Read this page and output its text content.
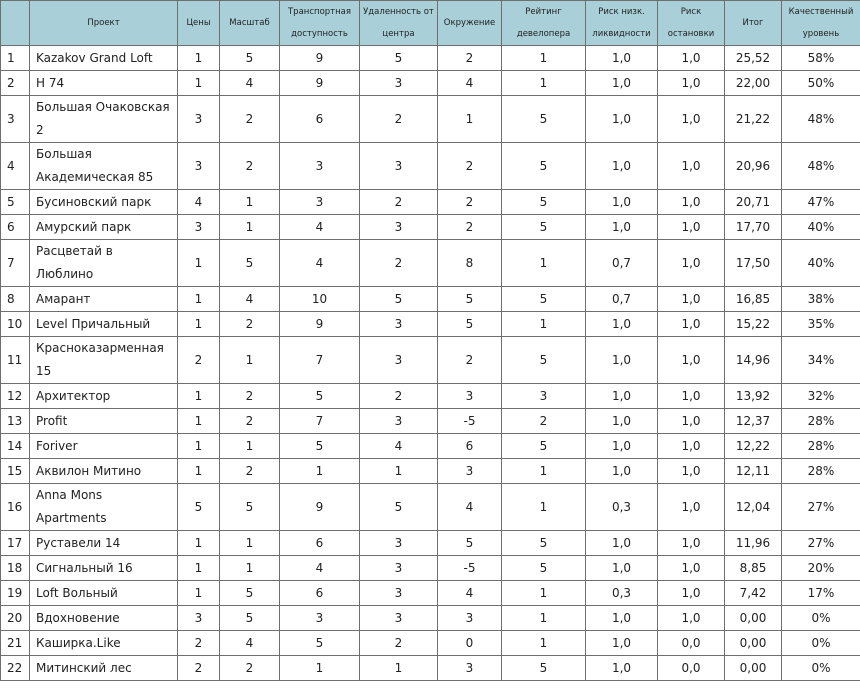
	Проект	Цены	Масштаб	Транспортная доступность	Удаленность от центра	Окружение	Рейтинг девелопера	Риск низк. ликвидности	Риск остановки	Итог	Качественный уровень
1	Kazakov Grand Loft	1	5	9	5	2	1	1,0	1,0	25,52	58%
2	Н 74	1	4	9	3	4	1	1,0	1,0	22,00	50%
3	Большая Очаковская 2	3	2	6	2	1	5	1,0	1,0	21,22	48%
4	Большая Академическая 85	3	2	3	3	2	5	1,0	1,0	20,96	48%
5	Бусиновский парк	4	1	3	2	2	5	1,0	1,0	20,71	47%
6	Амурский парк	3	1	4	3	2	5	1,0	1,0	17,70	40%
7	Расцветай в Люблино	1	5	4	2	8	1	0,7	1,0	17,50	40%
8	Амарант	1	4	10	5	5	5	0,7	1,0	16,85	38%
10	Level Причальный	1	2	9	3	5	1	1,0	1,0	15,22	35%
11	Краснօказарменная 15	2	1	7	3	2	5	1,0	1,0	14,96	34%
12	Архитектор	1	2	5	2	3	3	1,0	1,0	13,92	32%
13	Profit	1	2	7	3	-5	2	1,0	1,0	12,37	28%
14	Foriver	1	1	5	4	6	5	1,0	1,0	12,22	28%
15	Аквилон Митино	1	2	1	1	3	1	1,0	1,0	12,11	28%
16	Anna Mons Apartments	5	5	9	5	4	1	0,3	1,0	12,04	27%
17	Руставели 14	1	1	6	3	5	5	1,0	1,0	11,96	27%
18	Сигнальный 16	1	1	4	3	-5	5	1,0	1,0	8,85	20%
19	Loft Вольный	1	5	6	3	4	1	0,3	1,0	7,42	17%
20	Вдохновение	3	5	3	3	3	1	1,0	1,0	0,00	0%
21	Каширка.Like	2	4	5	2	0	1	1,0	0,0	0,00	0%
22	Митинский лес	2	2	1	1	3	5	1,0	0,0	0,00	0%
